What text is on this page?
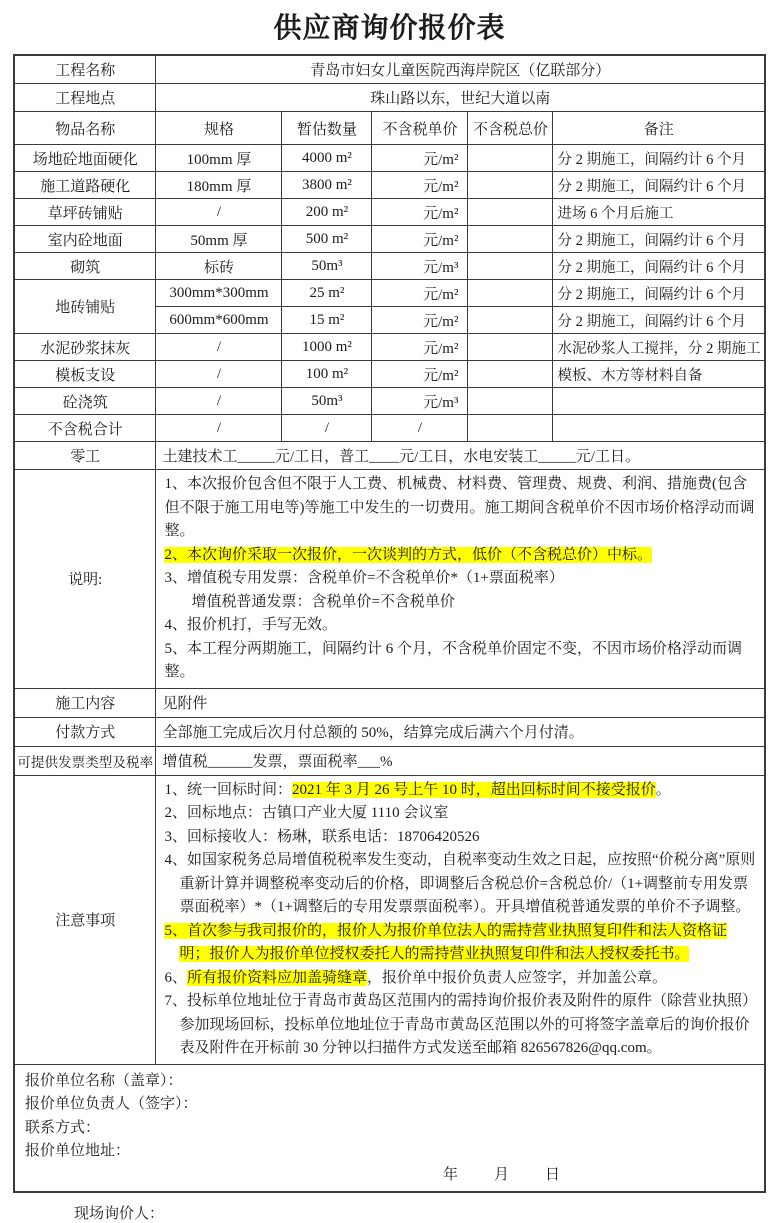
供应商询价报价表
工程名称	青岛市妇女儿童医院西海岸院区（亿联部分）				
工程地点	珠山路以东，世纪大道以南				
物品名称	规格	暂估数量	不含税单价	不含税总价	备注
场地砼地面硬化	100mm 厚	4000 m²	元/m²		分 2 期施工，间隔约计 6 个月
施工道路硬化	180mm 厚	3800 m²	元/m²		分 2 期施工，间隔约计 6 个月
草坪砖铺贴	/	200 m²	元/m²		进场 6 个月后施工
室内砼地面	50mm 厚	500 m²	元/m²		分 2 期施工，间隔约计 6 个月
砌筑	标砖	50m³	元/m³		分 2 期施工，间隔约计 6 个月
地砖铺贴	300mm*300mm	25 m²	元/m²		分 2 期施工，间隔约计 6 个月
	600mm*600mm	15 m²	元/m²		分 2 期施工，间隔约计 6 个月
水泥砂浆抹灰	/	1000 m²	元/m²		水泥砂浆人工搅拌，分 2 期施工
模板支设	/	100 m²	元/m²		模板、木方等材料自备
砼浇筑	/	50m³	元/m³		
不含税合计	/	/	/		
零工	土建技术工_____元/工日，普工____元/工日，水电安装工_____元/工日。				
说明:	
1、本次报价包含但不限于人工费、机械费、材料费、管理费、规费、利润、措施费(包含但不限于施工用电等)等施工中发生的一切费用。施工期间含税单价不因市场价格浮动而调整。
2、本次询价采取一次报价，一次谈判的方式，低价（不含税总价）中标。
3、增值税专用发票：含税单价=不含税单价*（1+票面税率）
增值税普通发票：含税单价=不含税单价
4、报价机打，手写无效。
5、本工程分两期施工，间隔约计 6 个月，不含税单价固定不变，不因市场价格浮动而调整。

施工内容	见附件				
付款方式	全部施工完成后次月付总额的 50%，结算完成后满六个月付清。				
可提供发票类型及税率	增值税______发票，票面税率___%				
注意事项	
1、统一回标时间：2021 年 3 月 26 号上午 10 时，超出回标时间不接受报价。
2、回标地点：古镇口产业大厦 1110 会议室
3、回标接收人：杨琳，联系电话：18706420526
4、如国家税务总局增值税税率发生变动，自税率变动生效之日起，应按照“价税分离”原则重新计算并调整税率变动后的价格，即调整后含税总价=含税总价/（1+调整前专用发票票面税率）*（1+调整后的专用发票票面税率）。开具增值税普通发票的单价不予调整。
5、首次参与我司报价的，报价人为报价单位法人的需持营业执照复印件和法人资格证明；报价人为报价单位授权委托人的需持营业执照复印件和法人授权委托书。
6、所有报价资料应加盖骑缝章，报价单中报价负责人应签字，并加盖公章。
7、投标单位地址位于青岛市黄岛区范围内的需持询价报价表及附件的原件（除营业执照）参加现场回标，投标单位地址位于青岛市黄岛区范围以外的可将签字盖章后的询价报价表及附件在开标前 30 分钟以扫描件方式发送至邮箱 826567826@qq.com。

报价单位名称（盖章）：
报价单位负责人（签字）：
联系方式：
报价单位地址：
年　　月　　日					
现场询价人：
